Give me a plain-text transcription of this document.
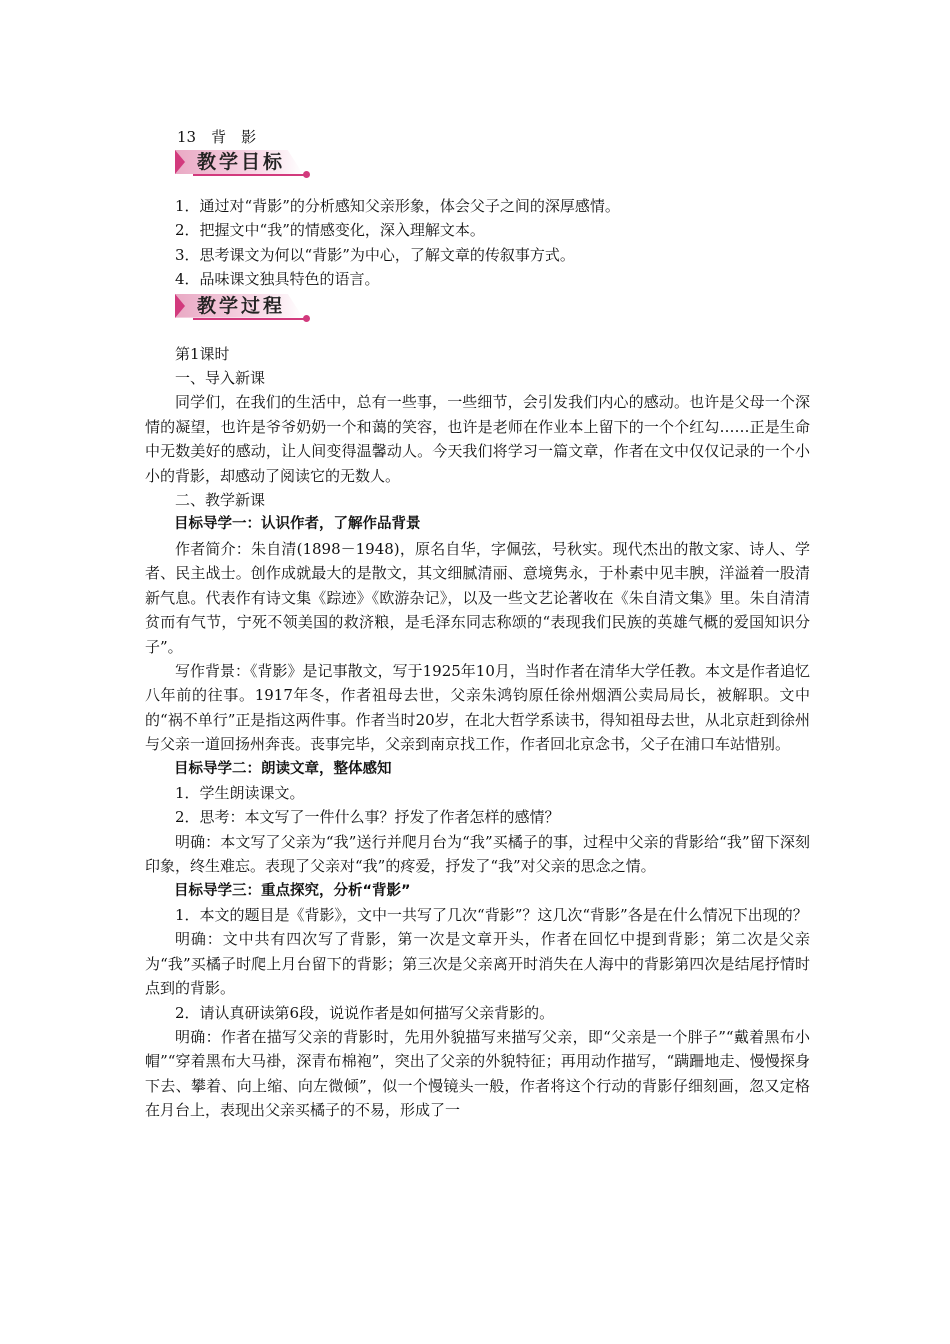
13　背　影
教学目标

1．通过对“背影”的分析感知父亲形象，体会父子之间的深厚感情。

2．把握文中“我”的情感变化，深入理解文本。

3．思考课文为何以“背影”为中心，了解文章的传叙事方式。

4．品味课文独具特色的语言。

教学过程

第1课时

一、导入新课

同学们，在我们的生活中，总有一些事，一些细节，会引发我们内心的感动。也许是父母一个深情的凝望，也许是爷爷奶奶一个和蔼的笑容，也许是老师在作业本上留下的一个个红勾……正是生命中无数美好的感动，让人间变得温馨动人。今天我们将学习一篇文章，作者在文中仅仅记录的一个小小的背影，却感动了阅读它的无数人。

二、教学新课

目标导学一：认识作者，了解作品背景

作者简介：朱自清(1898－1948)，原名自华，字佩弦，号秋实。现代杰出的散文家、诗人、学者、民主战士。创作成就最大的是散文，其文细腻清丽、意境隽永，于朴素中见丰腴，洋溢着一股清新气息。代表作有诗文集《踪迹》《欧游杂记》，以及一些文艺论著收在《朱自清文集》里。朱自清清贫而有气节，宁死不领美国的救济粮，是毛泽东同志称颂的“表现我们民族的英雄气概的爱国知识分子”。

写作背景：《背影》是记事散文，写于1925年10月，当时作者在清华大学任教。本文是作者追忆八年前的往事。1917年冬，作者祖母去世，父亲朱鸿钧原任徐州烟酒公卖局局长，被解职。文中的“祸不单行”正是指这两件事。作者当时20岁，在北大哲学系读书，得知祖母去世，从北京赶到徐州与父亲一道回扬州奔丧。丧事完毕，父亲到南京找工作，作者回北京念书，父子在浦口车站惜别。

目标导学二：朗读文章，整体感知

1．学生朗读课文。

2．思考：本文写了一件什么事？抒发了作者怎样的感情？

明确：本文写了父亲为“我”送行并爬月台为“我”买橘子的事，过程中父亲的背影给“我”留下深刻印象，终生难忘。表现了父亲对“我”的疼爱，抒发了“我”对父亲的思念之情。

目标导学三：重点探究，分析“背影”

1．本文的题目是《背影》，文中一共写了几次“背影”？这几次“背影”各是在什么情况下出现的？

明确：文中共有四次写了背影，第一次是文章开头，作者在回忆中提到背影；第二次是父亲为“我”买橘子时爬上月台留下的背影；第三次是父亲离开时消失在人海中的背影第四次是结尾抒情时点到的背影。

2．请认真研读第6段，说说作者是如何描写父亲背影的。

明确：作者在描写父亲的背影时，先用外貌描写来描写父亲，即“父亲是一个胖子”“戴着黑布小帽”“穿着黑布大马褂，深青布棉袍”，突出了父亲的外貌特征；再用动作描写，“蹒跚地走、慢慢探身下去、攀着、向上缩、向左微倾”，似一个慢镜头一般，作者将这个行动的背影仔细刻画，忽又定格在月台上，表现出父亲买橘子的不易，形成了一
